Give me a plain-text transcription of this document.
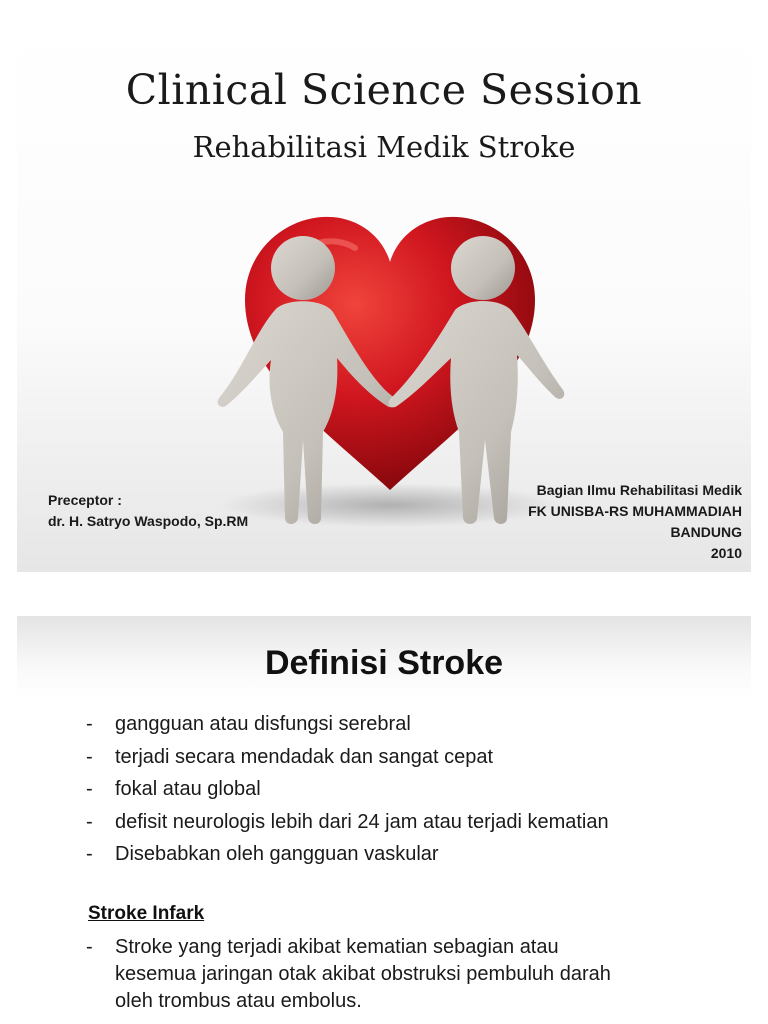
Clinical Science Session
Rehabilitasi Medik Stroke
Preceptor :
dr. H. Satryo Waspodo, Sp.RM
Bagian Ilmu Rehabilitasi Medik
FK UNISBA-RS MUHAMMADIAH
BANDUNG
2010
Definisi Stroke
- gangguan atau disfungsi serebral
- terjadi secara mendadak dan sangat cepat
- fokal atau global
- defisit neurologis lebih dari 24 jam atau terjadi kematian
- Disebabkan oleh gangguan vaskular
Stroke Infark
- Stroke yang terjadi akibat kematian sebagian atau
kesemua jaringan otak akibat obstruksi pembuluh darah
oleh trombus atau embolus.
